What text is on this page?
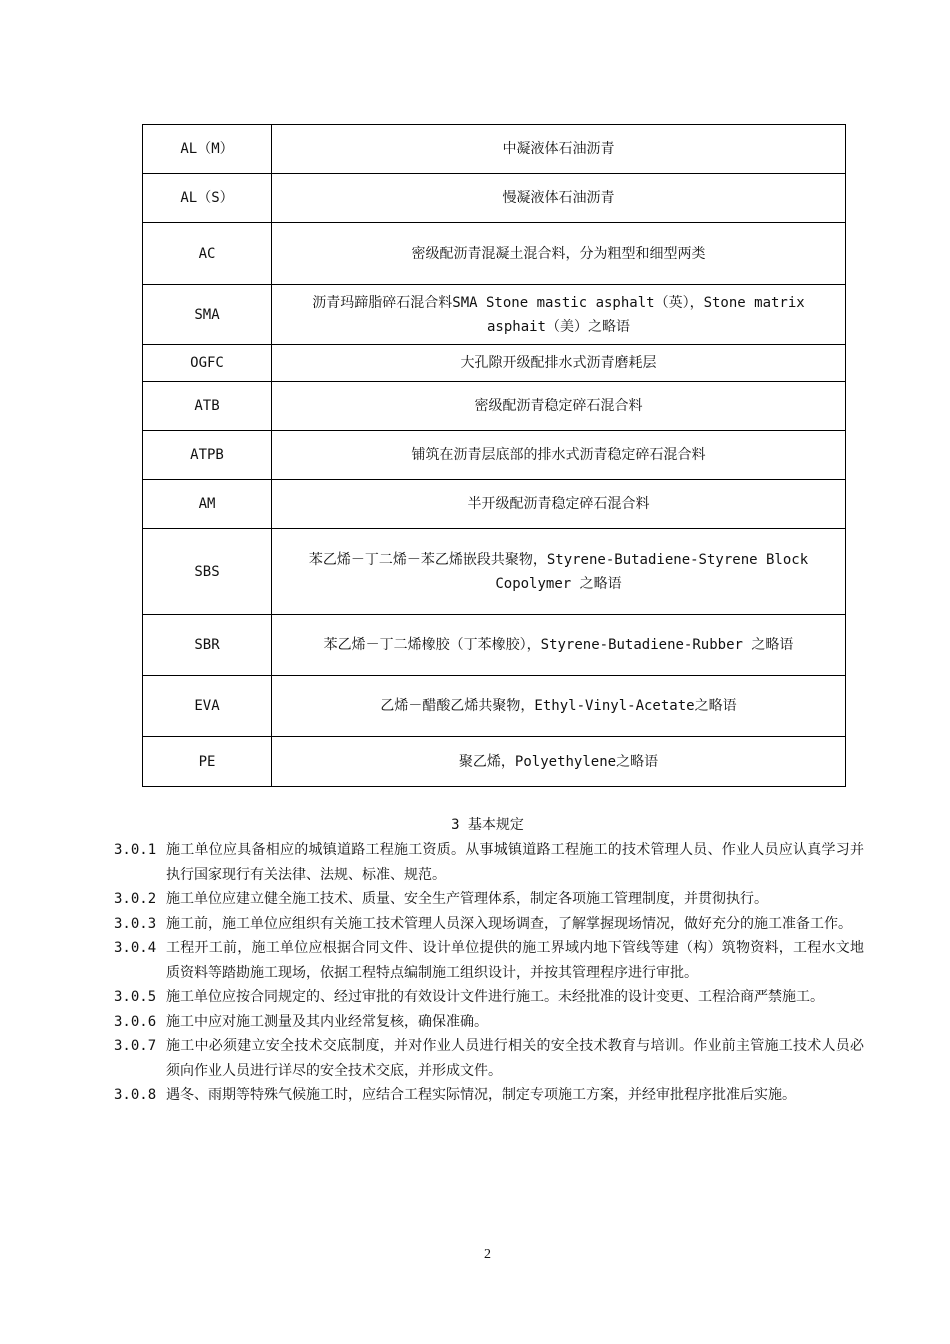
AL（M）	中凝液体石油沥青
AL（S）	慢凝液体石油沥青
AC	密级配沥青混凝土混合料，分为粗型和细型两类
SMA	沥青玛蹄脂碎石混合料SMA Stone mastic asphalt（英），Stone matrix asphait（美）之略语
OGFC	大孔隙开级配排水式沥青磨耗层
ATB	密级配沥青稳定碎石混合料
ATPB	铺筑在沥青层底部的排水式沥青稳定碎石混合料
AM	半开级配沥青稳定碎石混合料
SBS	苯乙烯－丁二烯－苯乙烯嵌段共聚物，Styrene-Butadiene-Styrene Block Copolymer 之略语
SBR	苯乙烯－丁二烯橡胶（丁苯橡胶），Styrene-Butadiene-Rubber 之略语
EVA	乙烯－醋酸乙烯共聚物，Ethyl-Vinyl-Acetate之略语
PE	聚乙烯，Polyethylene之略语
3 基本规定
3.0.1 施工单位应具备相应的城镇道路工程施工资质。从事城镇道路工程施工的技术管理人员、作业人员应认真学习并执行国家现行有关法律、法规、标准、规范。
3.0.2 施工单位应建立健全施工技术、质量、安全生产管理体系，制定各项施工管理制度，并贯彻执行。
3.0.3 施工前，施工单位应组织有关施工技术管理人员深入现场调查，了解掌握现场情况，做好充分的施工准备工作。
3.0.4 工程开工前，施工单位应根据合同文件、设计单位提供的施工界域内地下管线等建（构）筑物资料，工程水文地质资料等踏勘施工现场，依据工程特点编制施工组织设计，并按其管理程序进行审批。
3.0.5 施工单位应按合同规定的、经过审批的有效设计文件进行施工。未经批准的设计变更、工程洽商严禁施工。
3.0.6 施工中应对施工测量及其内业经常复核，确保准确。
3.0.7 施工中必须建立安全技术交底制度，并对作业人员进行相关的安全技术教育与培训。作业前主管施工技术人员必须向作业人员进行详尽的安全技术交底，并形成文件。
3.0.8 遇冬、雨期等特殊气候施工时，应结合工程实际情况，制定专项施工方案，并经审批程序批准后实施。
2
